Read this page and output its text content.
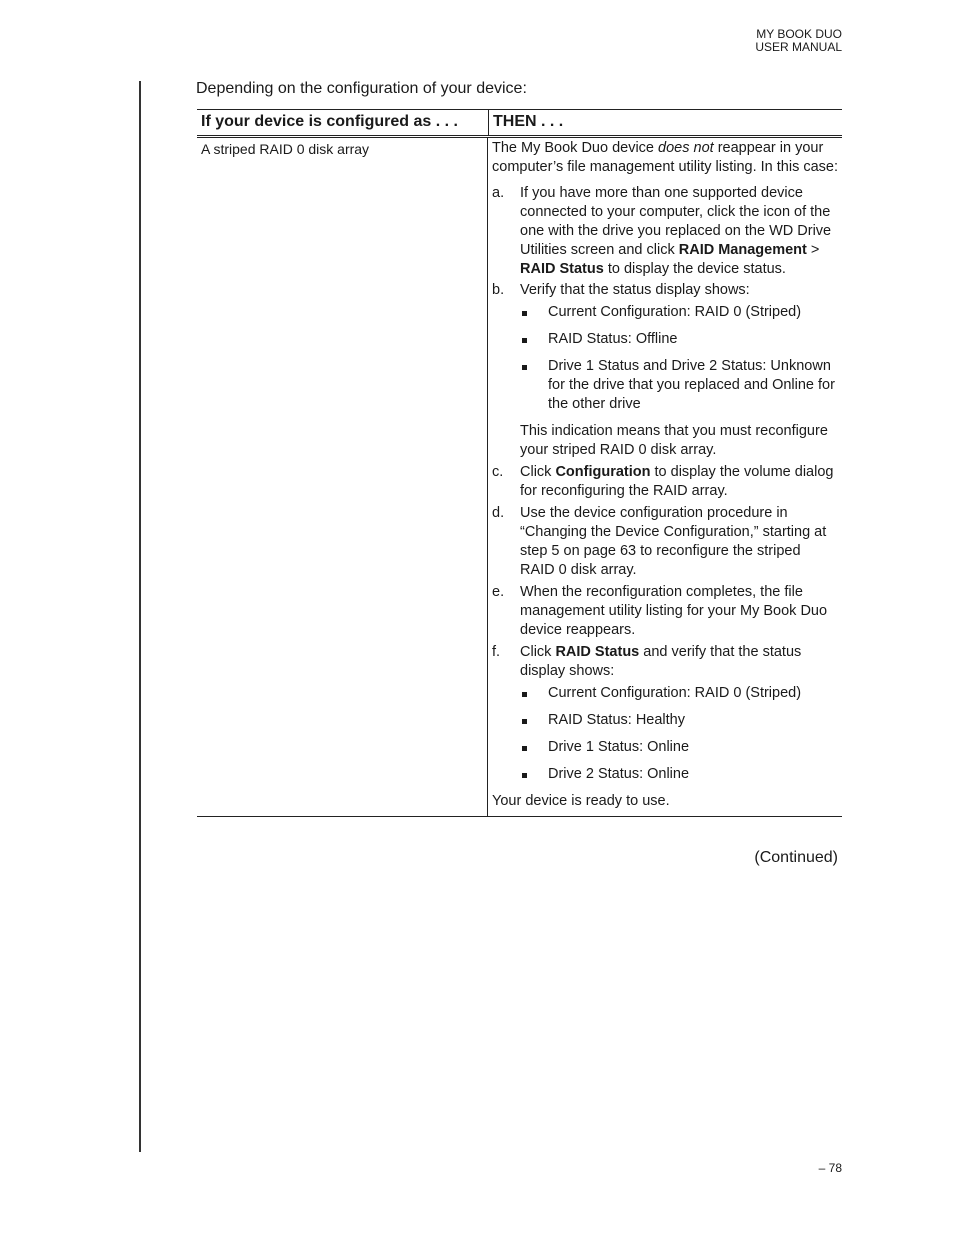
MY BOOK DUO
USER MANUAL
Depending on the configuration of your device:
If your device is configured as . . .	THEN . . .
A striped RAID 0 disk array	The My Book Duo device does not reappear in your computer’s file management utility listing. In this case:

a.	If you have more than one supported device connected to your computer, click the icon of the one with the drive you replaced on the WD Drive Utilities screen and click RAID Management > RAID Status to display the device status.
b.	Verify that the status display shows:
Current Configuration: RAID 0 (Striped)
RAID Status: Offline
Drive 1 Status and Drive 2 Status: Unknown for the drive that you replaced and Online for the other drive

This indication means that you must reconfigure your striped RAID 0 disk array.

c.	Click Configuration to display the volume dialog for reconfiguring the RAID array.
d.	Use the device configuration procedure in “Changing the Device Configuration,” starting at step 5 on page 63 to reconfigure the striped RAID 0 disk array.
e.	When the reconfiguration completes, the file management utility listing for your My Book Duo device reappears.
f.	Click RAID Status and verify that the status display shows:
Current Configuration: RAID 0 (Striped)
RAID Status: Healthy
Drive 1 Status: Online
Drive 2 Status: Online

Your device is ready to use.

(Continued)
– 78
